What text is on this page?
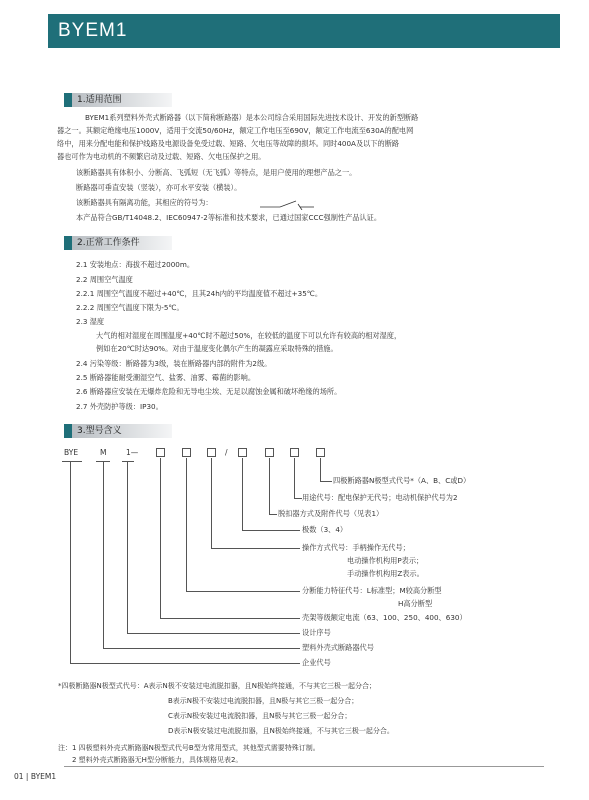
BYEM1
1.适用范围
BYEM1系列塑料外壳式断路器（以下简称断路器）是本公司综合采用国际先进技术设计、开发的新型断路
器之一。其额定绝缘电压1000V，适用于交流50/60Hz，额定工作电压至690V，额定工作电流至630A的配电网
络中，用来分配电能和保护线路及电源设备免受过载、短路、欠电压等故障的损坏。同时400A及以下的断路
器也可作为电动机的不频繁启动及过载、短路、欠电压保护之用。
该断路器具有体积小、分断高、飞弧短（无飞弧）等特点，是用户使用的理想产品之一。
断路器可垂直安装（竖装），亦可水平安装（横装）。
该断路器具有隔离功能，其相应的符号为：
本产品符合GB/T14048.2、IEC60947-2等标准和技术要求，已通过国家CCC强制性产品认证。
2.正常工作条件
2.1 安装地点：海拔不超过2000m。
2.2 周围空气温度
2.2.1 周围空气温度不超过+40℃，且其24h内的平均温度值不超过+35℃。
2.2.2 周围空气温度下限为-5℃。
2.3 湿度
大气的相对湿度在周围温度+40℃时不超过50%，在较低的温度下可以允许有较高的相对湿度，
例如在20℃时达90%。对由于温度变化偶尔产生的凝露应采取特殊的措施。
2.4 污染等级：断路器为3级，装在断路器内部的附件为2级。
2.5 断路器能耐受潮湿空气、盐雾、油雾、霉菌的影响。
2.6 断路器应安装在无爆炸危险和无导电尘埃、无足以腐蚀金属和破坏绝缘的场所。
2.7 外壳防护等级：IP30。
3.型号含义
BYE	M	1—	/
四极断路器N极型式代号*（A、B、C或D）
用途代号：配电保护无代号；电动机保护代号为2
脱扣器方式及附件代号（见表1）
极数（3、4）
操作方式代号：手柄操作无代号；
电动操作机构用P表示；
手动操作机构用Z表示。
分断能力特征代号：L标准型；M较高分断型
H高分断型
壳架等级额定电流（63、100、250、400、630）
设计序号
塑料外壳式断路器代号
企业代号
*四极断路器N极型式代号：A表示N极不安装过电流脱扣器，且N极始终接通，不与其它三极一起分合；
B表示N极不安装过电流脱扣器，且N极与其它三极一起分合；
C表示N极安装过电流脱扣器，且N极与其它三极一起分合；
D表示N极安装过电流脱扣器，且N极始终接通，不与其它三极一起分合。
注：1 四极塑料外壳式断路器N极型式代号B型为常用型式，其他型式需要特殊订制。
2 塑料外壳式断路器无H型分断能力，具体规格见表2。
01 | BYEM1
